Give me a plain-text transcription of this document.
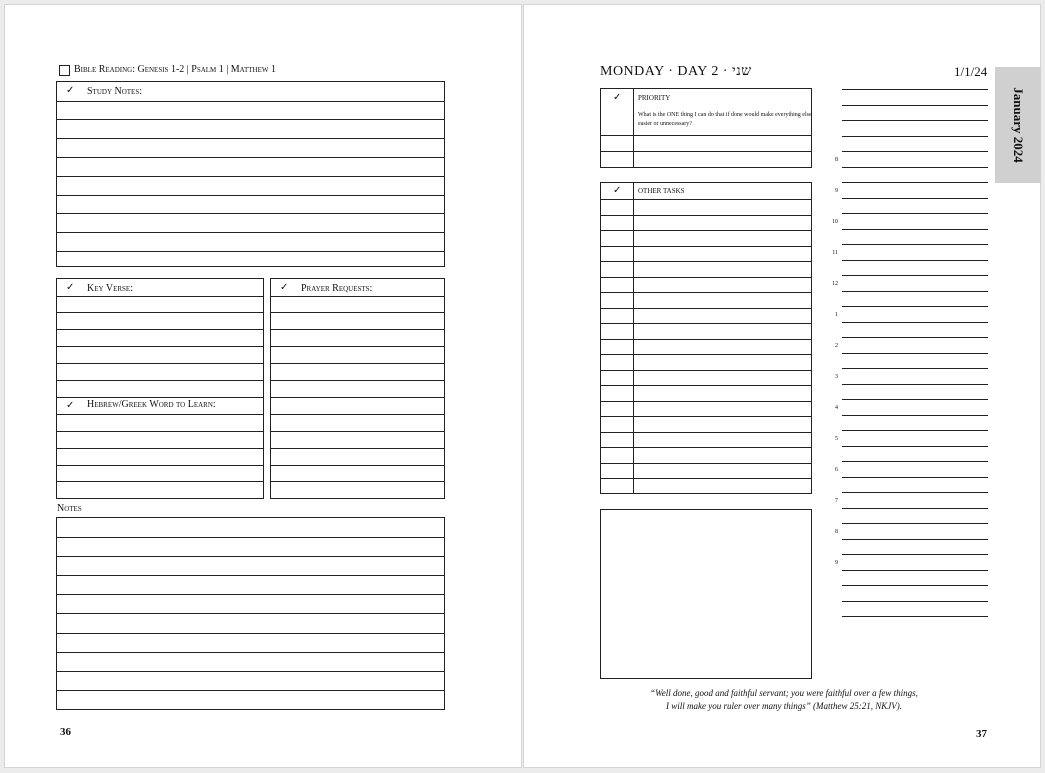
Bible Reading: Genesis 1-2 | Psalm 1 | Matthew 1
✓ Study Notes:
✓ Key Verse:
✓ Hebrew/Greek Word to Learn:
✓ Prayer Requests:
Notes
36
MONDAY · DAY 2 · שני	1/1/24
January 2024
✓ PRIORITY
What is the ONE thing I can do that if done would make everything else easier or unnecessary?
✓ OTHER TASKS
8
9
10
11
12
1
2
3
4
5
6
7
8
9
“Well done, good and faithful servant; you were faithful over a few things,
I will make you ruler over many things” (Matthew 25:21, NKJV).
37
